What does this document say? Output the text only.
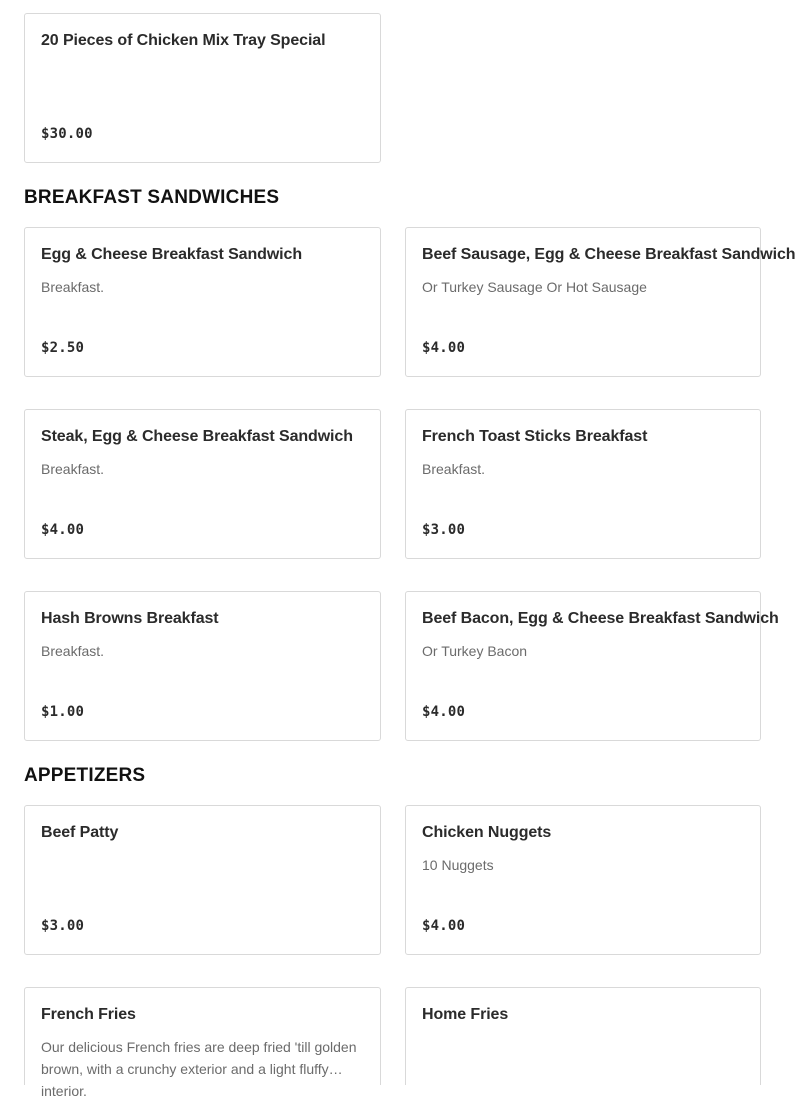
20 Pieces of Chicken Mix Tray Special
$30.00
BREAKFAST SANDWICHES
Egg & Cheese Breakfast Sandwich
Breakfast.
$2.50
Beef Sausage, Egg & Cheese Breakfast Sandwich
Or Turkey Sausage Or Hot Sausage
$4.00
Steak, Egg & Cheese Breakfast Sandwich
Breakfast.
$4.00
French Toast Sticks Breakfast
Breakfast.
$3.00
Hash Browns Breakfast
Breakfast.
$1.00
Beef Bacon, Egg & Cheese Breakfast Sandwich
Or Turkey Bacon
$4.00
APPETIZERS
Beef Patty
$3.00
Chicken Nuggets
10 Nuggets
$4.00
French Fries
Our delicious French fries are deep fried 'till golden brown, with a crunchy exterior and a light fluffy interior.
Home Fries
